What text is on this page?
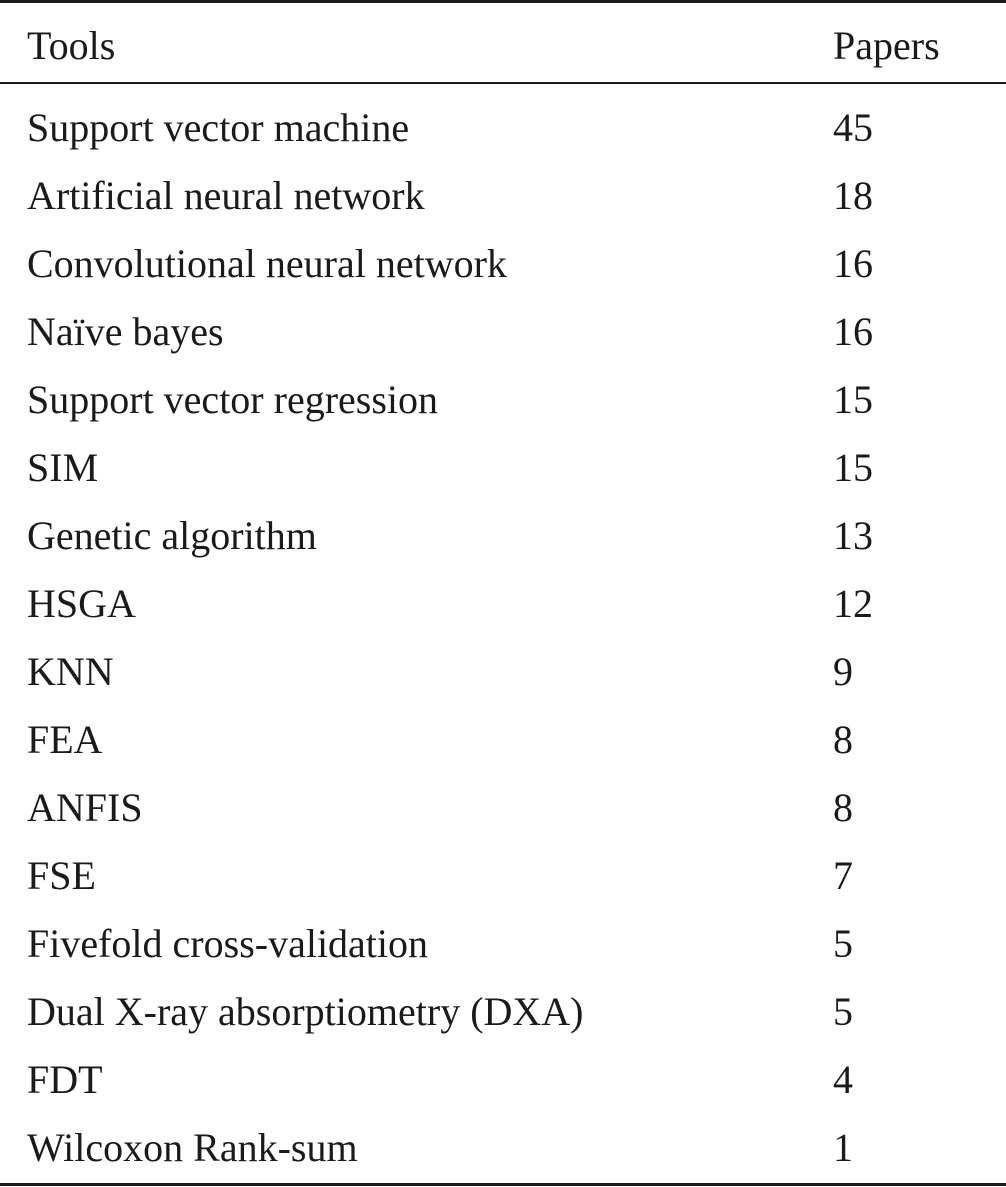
Tools	Papers
Support vector machine	45
Artificial neural network	18
Convolutional neural network	16
Naïve bayes	16
Support vector regression	15
SIM	15
Genetic algorithm	13
HSGA	12
KNN	9
FEA	8
ANFIS	8
FSE	7
Fivefold cross-validation	5
Dual X-ray absorptiometry (DXA)	5
FDT	4
Wilcoxon Rank-sum	1
